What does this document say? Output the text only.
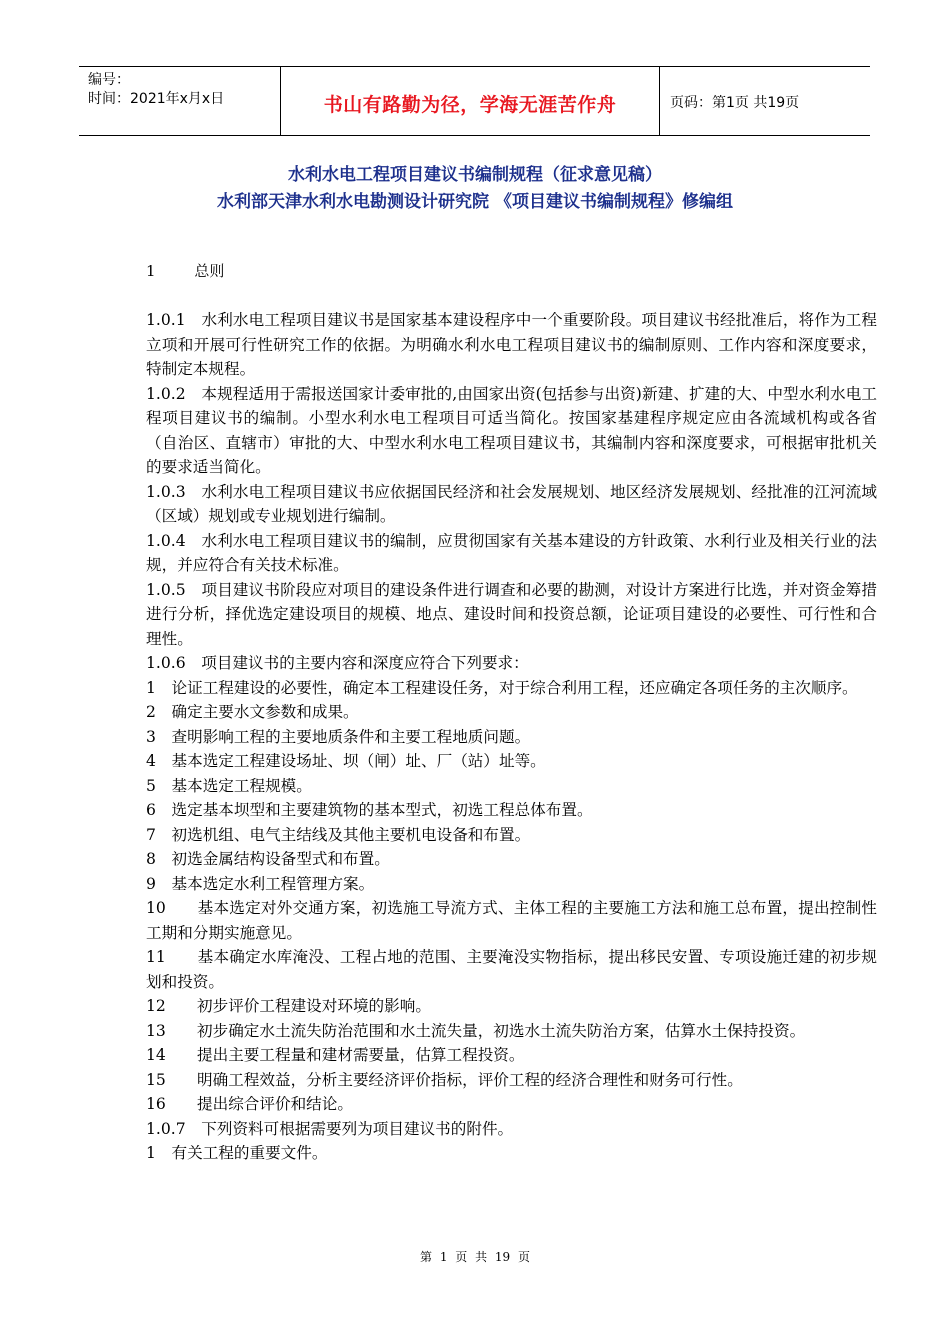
编号：
时间：2021年x月x日	书山有路勤为径，学海无涯苦作舟	页码：第1页 共19页
水利水电工程项目建议书编制规程（征求意见稿）
水利部天津水利水电勘测设计研究院 《项目建议书编制规程》修编组
1	总则

1.0.1　水利水电工程项目建议书是国家基本建设程序中一个重要阶段。项目建议书经批准后，将作为工程立项和开展可行性研究工作的依据。为明确水利水电工程项目建议书的编制原则、工作内容和深度要求，特制定本规程。

1.0.2　本规程适用于需报送国家计委审批的,由国家出资(包括参与出资)新建、扩建的大、中型水利水电工程项目建议书的编制。小型水利水电工程项目可适当简化。按国家基建程序规定应由各流域机构或各省（自治区、直辖市）审批的大、中型水利水电工程项目建议书，其编制内容和深度要求，可根据审批机关的要求适当简化。

1.0.3　水利水电工程项目建议书应依据国民经济和社会发展规划、地区经济发展规划、经批准的江河流域（区域）规划或专业规划进行编制。

1.0.4　水利水电工程项目建议书的编制，应贯彻国家有关基本建设的方针政策、水利行业及相关行业的法规，并应符合有关技术标准。

1.0.5　项目建议书阶段应对项目的建设条件进行调查和必要的勘测，对设计方案进行比选，并对资金筹措进行分析，择优选定建设项目的规模、地点、建设时间和投资总额，论证项目建设的必要性、可行性和合理性。

1.0.6　项目建议书的主要内容和深度应符合下列要求：

1　论证工程建设的必要性，确定本工程建设任务，对于综合利用工程，还应确定各项任务的主次顺序。

2　确定主要水文参数和成果。

3　查明影响工程的主要地质条件和主要工程地质问题。

4　基本选定工程建设场址、坝（闸）址、厂（站）址等。

5　基本选定工程规模。

6　选定基本坝型和主要建筑物的基本型式，初选工程总体布置。

7　初选机组、电气主结线及其他主要机电设备和布置。

8　初选金属结构设备型式和布置。

9　基本选定水利工程管理方案。

10　　基本选定对外交通方案，初选施工导流方式、主体工程的主要施工方法和施工总布置，提出控制性工期和分期实施意见。

11　　基本确定水库淹没、工程占地的范围、主要淹没实物指标，提出移民安置、专项设施迁建的初步规划和投资。

12　　初步评价工程建设对环境的影响。

13　　初步确定水土流失防治范围和水土流失量，初选水土流失防治方案，估算水土保持投资。

14　　提出主要工程量和建材需要量，估算工程投资。

15　　明确工程效益，分析主要经济评价指标，评价工程的经济合理性和财务可行性。

16　　提出综合评价和结论。

1.0.7　下列资料可根据需要列为项目建议书的附件。

1　有关工程的重要文件。

第 1 页 共 19 页
